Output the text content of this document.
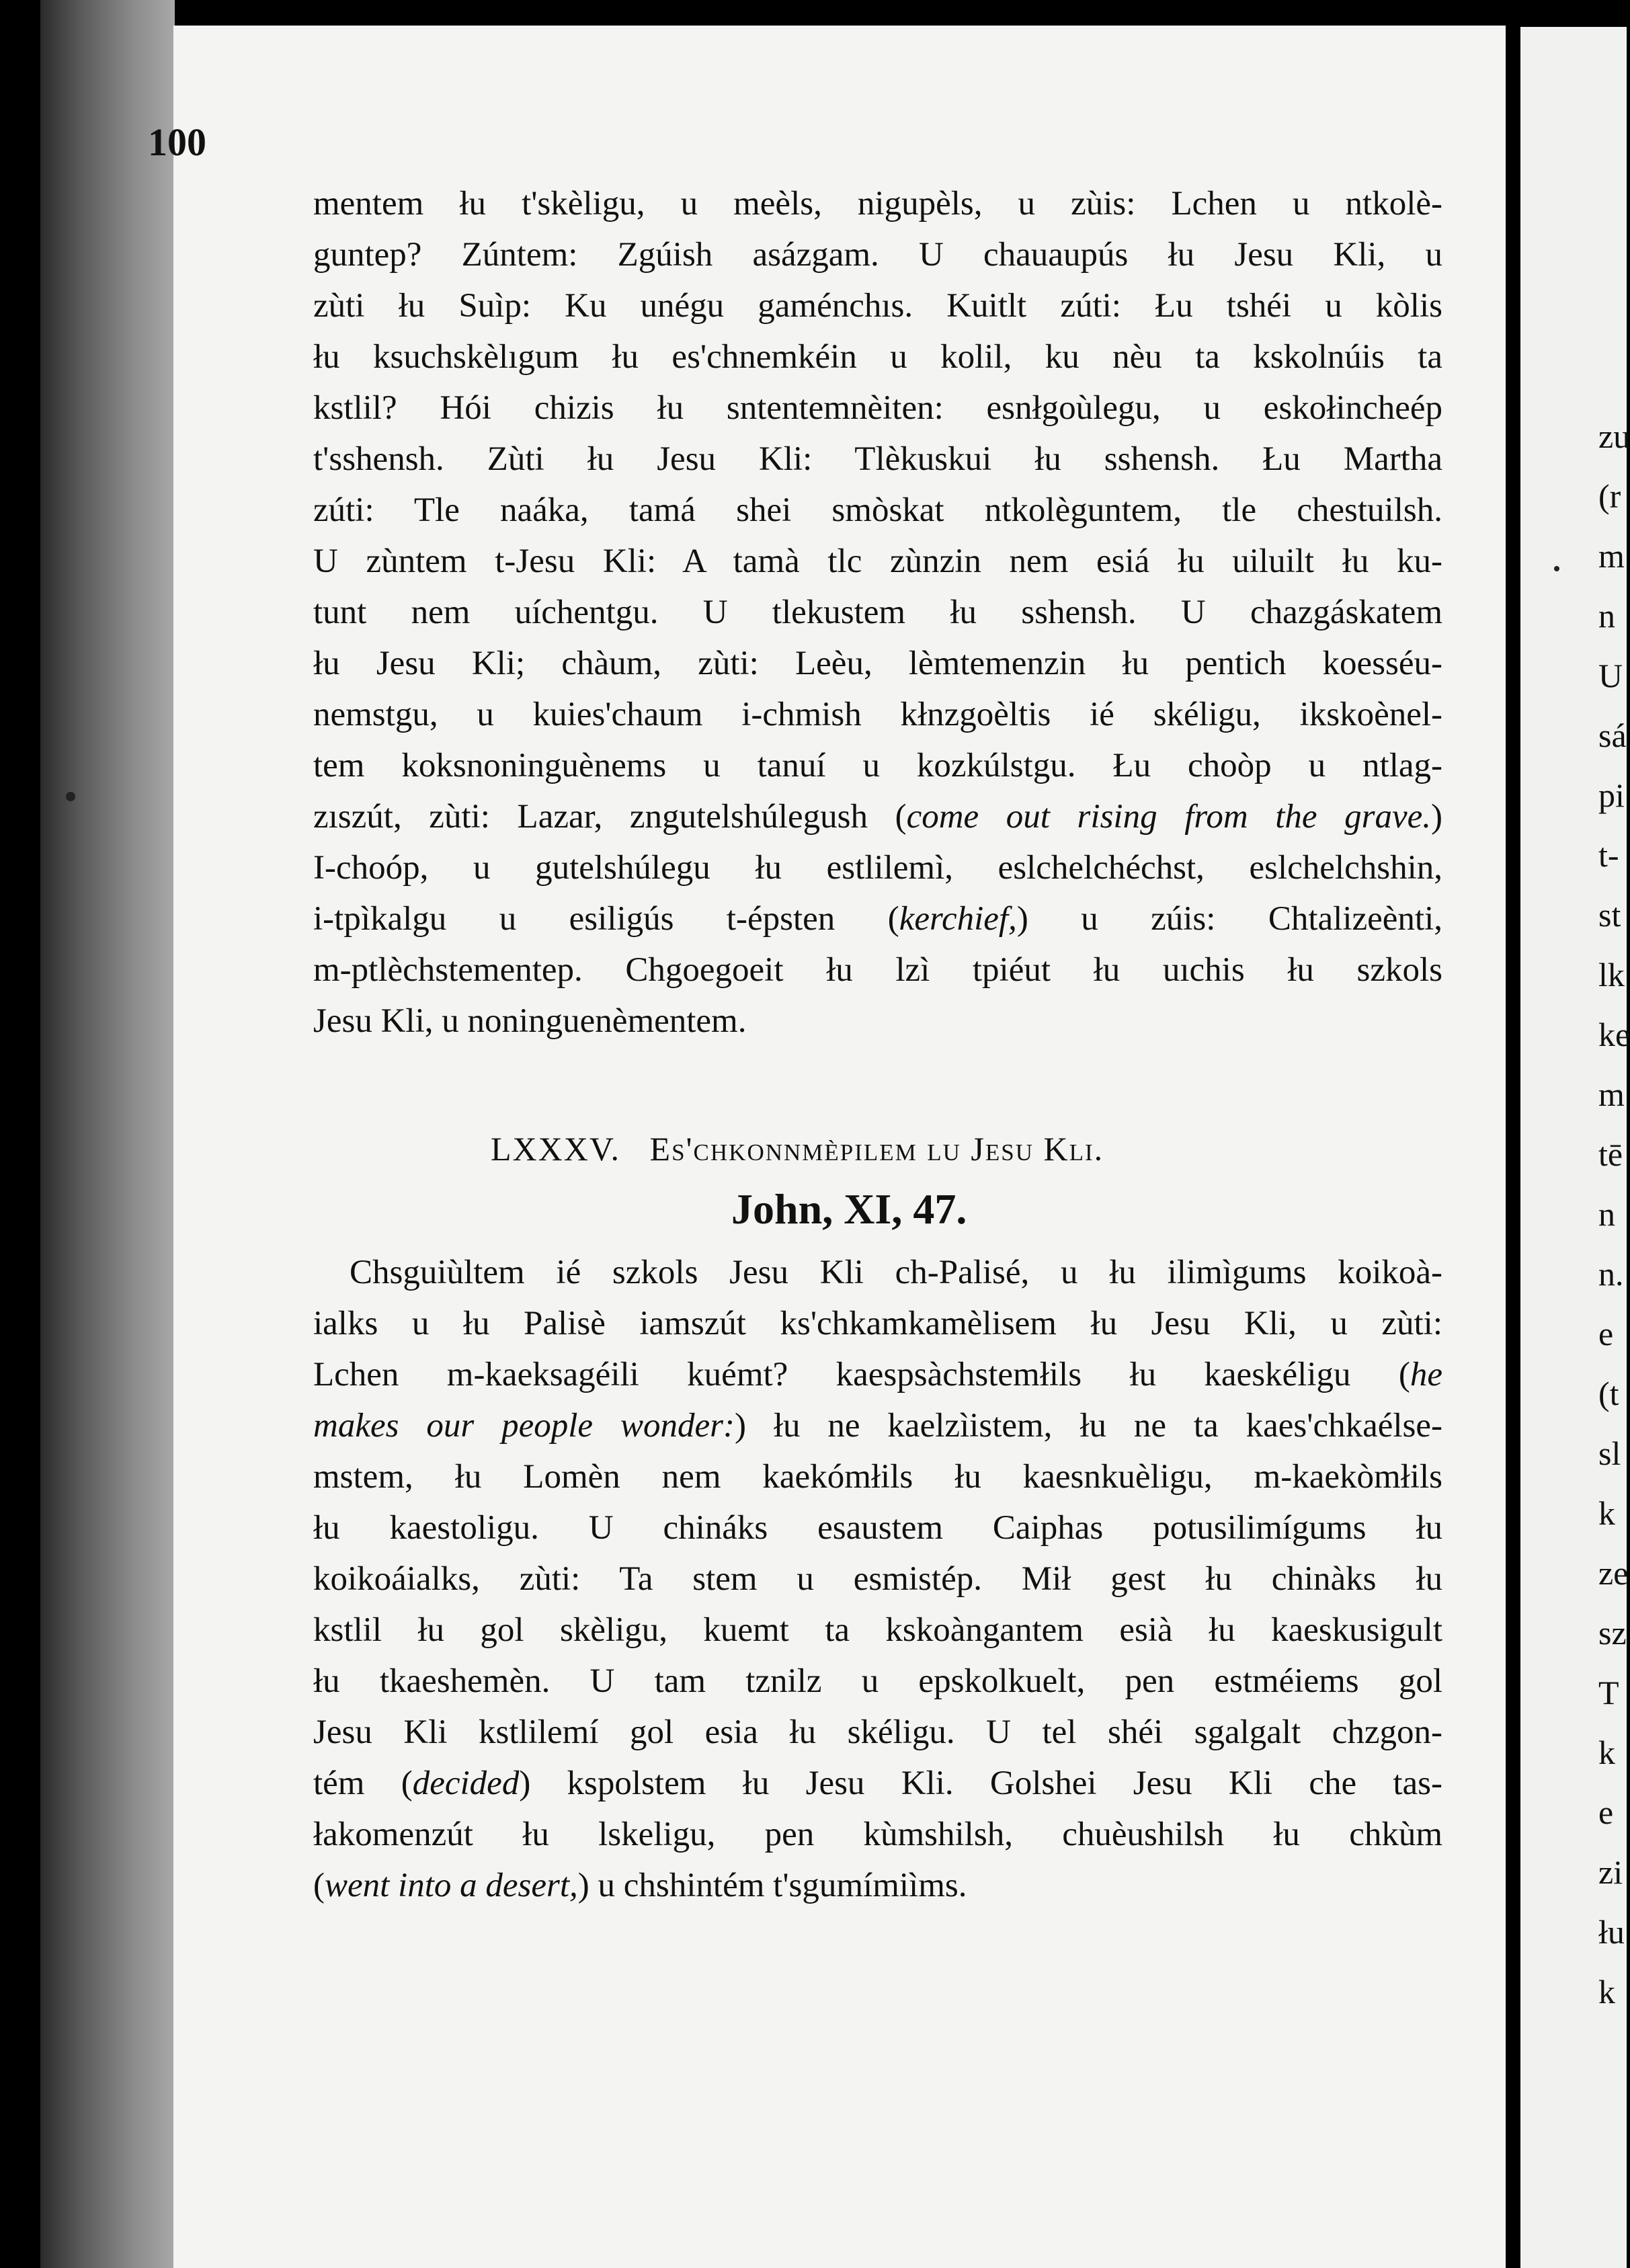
100
mentem łu t'skèligu, u meèls, nigupèls, u zùis: Lchen u ntkolè-
guntep? Zúntem: Zgúish asázgam. U chauaupús łu Jesu Kli, u
zùti łu Suìp: Ku unégu gaménchıs. Kuitlt zúti: Łu tshéi u kòlis
łu ksuchskèlıgum łu es'chnemkéin u kolil, ku nèu ta kskolnúis ta
kstlil? Hói chizis łu sntentemnèiten: esnłgoùlegu, u eskołincheép
t'sshensh. Zùti łu Jesu Kli: Tlèkuskui łu sshensh. Łu Martha
zúti: Tle naáka, tamá shei smòskat ntkolèguntem, tle chestuilsh.
U zùntem t-Jesu Kli: A tamà tlc zùnzin nem esiá łu uiluilt łu ku-
tunt nem uíchentgu. U tlekustem łu sshensh. U chazgáskatem
łu Jesu Kli; chàum, zùti: Leèu, lèmtemenzin łu pentich koesséu-
nemstgu, u kuies'chaum i-chmish kłnzgoèltis ié skéligu, ikskoènel-
tem koksnoninguènems u tanuí u kozkúlstgu. Łu choòp u ntlag-
zıszút, zùti: Lazar, zngutelshúlegush (come out rising from the grave.)
I-choóp, u gutelshúlegu łu estlilemì, eslchelchéchst, eslchelchshin,
i-tpìkalgu u esiligús t-épsten (kerchief,) u zúis: Chtalizeènti,
m-ptlèchstementep. Chgoegoeit łu lzì tpiéut łu uıchis łu szkols
Jesu Kli, u noninguenèmentem.
LXXXV. Es'chkonnmèpilem lu Jesu Kli.
John, XI, 47.
Chsguiùltem ié szkols Jesu Kli ch-Palisé, u łu ilimìgums koikoà-
ialks u łu Palisè iamszút ks'chkamkamèlisem łu Jesu Kli, u zùti:
Lchen m-kaeksagéili kuémt? kaespsàchstemłils łu kaeskéligu (he
makes our people wonder:) łu ne kaelzìistem, łu ne ta kaes'chkaélse-
mstem, łu Lomèn nem kaekómłils łu kaesnkuèligu, m-kaekòmłils
łu kaestoligu. U chináks esaustem Caiphas potusilimígums łu
koikoáialks, zùti: Ta stem u esmistép. Mił gest łu chinàks łu
kstlil łu gol skèligu, kuemt ta kskoàngantem esià łu kaeskusigult
łu tkaeshemèn. U tam tznilz u epskolkuelt, pen estméiems gol
Jesu Kli kstlilemí gol esia łu skéligu. U tel shéi sgalgalt chzgon-
tém (decided) kspolstem łu Jesu Kli. Golshei Jesu Kli che tas-
łakomenzút łu lskeligu, pen kùmshilsh, chuèushilsh łu chkùm
(went into a desert,) u chshintém t'sgumímiìms.
zu
(r
m
n
U
sá
pi
t-
st
lk
ke
m
tē
n
n.
e
(t
sl
k
ze
sz
T
k
e
zi
łu
k
